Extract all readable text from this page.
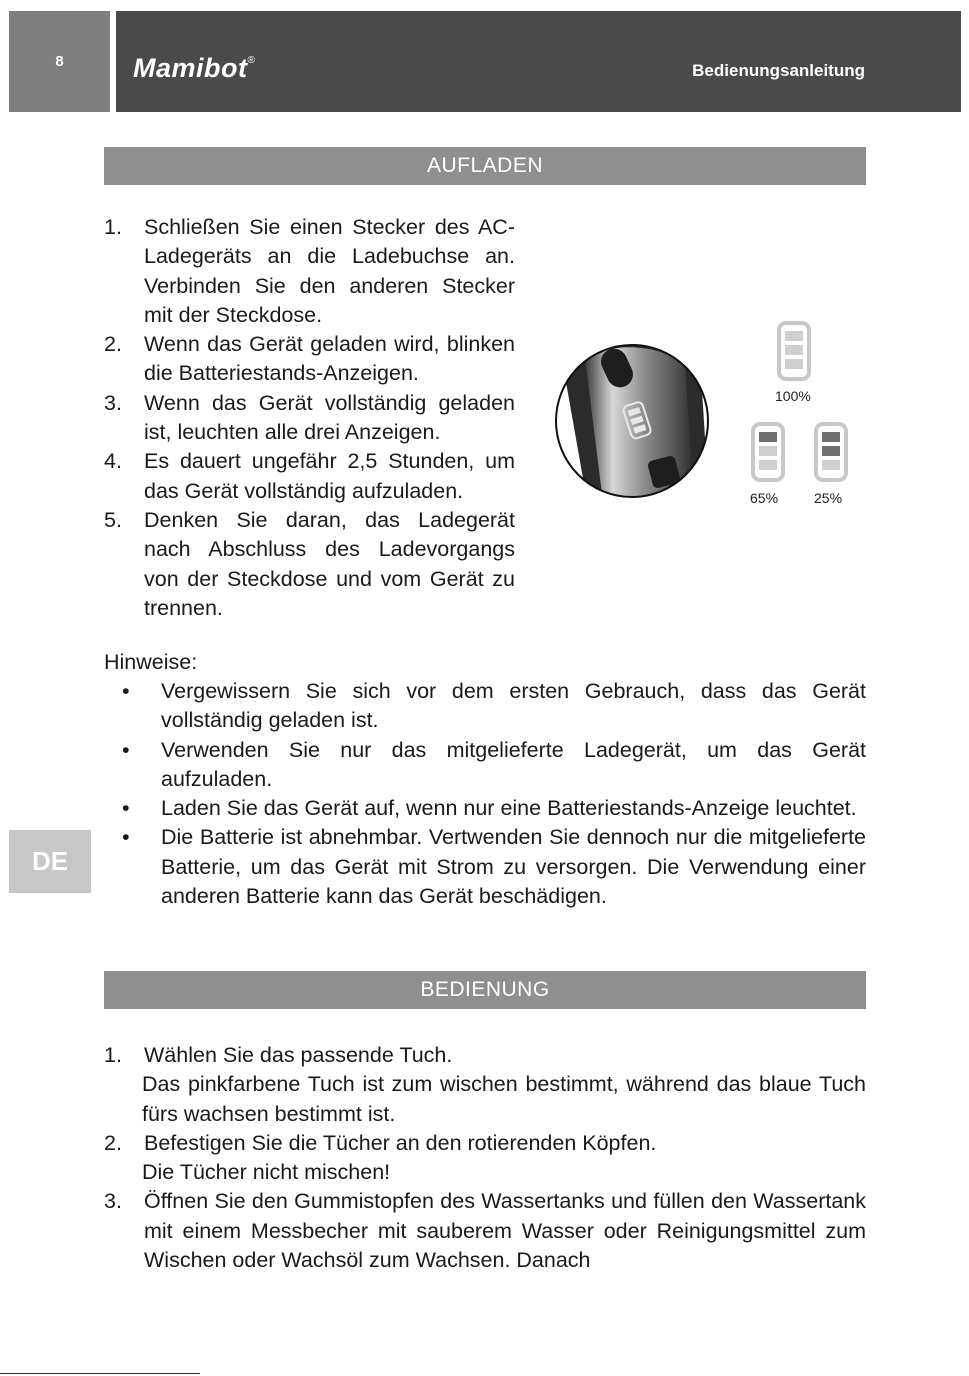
8	Mamibot®
Bedienungsanleitung
AUFLADEN
1. Schließen Sie einen Stecker des AC-Ladegeräts an die Ladebuchse an. Verbinden Sie den anderen Stecker mit der Steckdose.
2. Wenn das Gerät geladen wird, blinken die Batteriestands-Anzeigen.
3. Wenn das Gerät vollständig geladen ist, leuchten alle drei Anzeigen.
4. Es dauert ungefähr 2,5 Stunden, um das Gerät vollständig aufzuladen.
5. Denken Sie daran, das Ladegerät nach Abschluss des Ladevorgangs von der Steckdose und vom Gerät zu trennen.
100%
65%	25%
Hinweise:
• Vergewissern Sie sich vor dem ersten Gebrauch, dass das Gerät vollständig geladen ist.
• Verwenden Sie nur das mitgelieferte Ladegerät, um das Gerät aufzuladen.
• Laden Sie das Gerät auf, wenn nur eine Batteriestands-Anzeige leuchtet.
• Die Batterie ist abnehmbar. Vertwenden Sie dennoch nur die mitgelieferte Batterie, um das Gerät mit Strom zu versorgen. Die Verwendung einer anderen Batterie kann das Gerät beschädigen.
DE
BEDIENUNG
1. Wählen Sie das passende Tuch.
Das pinkfarbene Tuch ist zum wischen bestimmt, während das blaue Tuch fürs wachsen bestimmt ist.
2. Befestigen Sie die Tücher an den rotierenden Köpfen.
Die Tücher nicht mischen!
3. Öffnen Sie den Gummistopfen des Wassertanks und füllen den Wassertank mit einem Messbecher mit sauberem Wasser oder Reinigungsmittel zum Wischen oder Wachsöl zum Wachsen. Danach
